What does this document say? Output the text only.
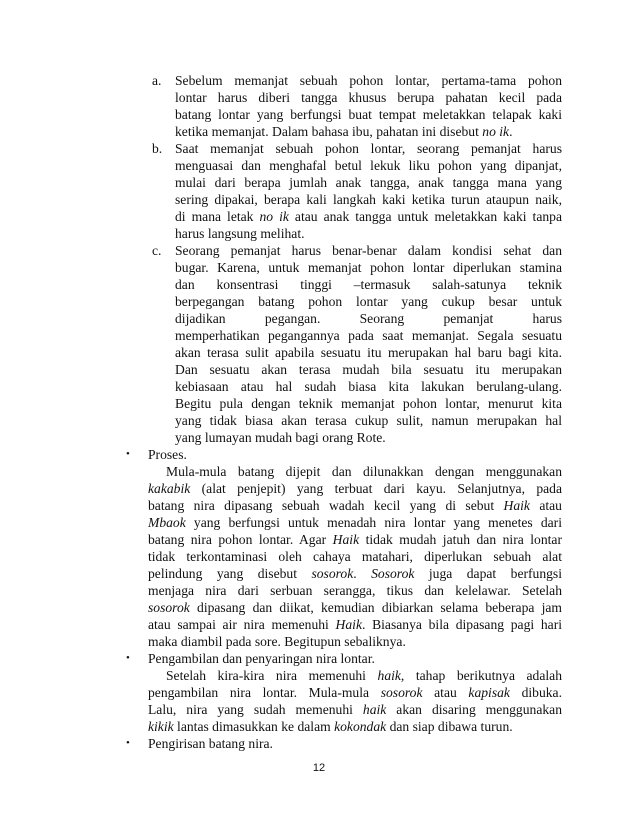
a. Sebelum memanjat sebuah pohon lontar, pertama-tama pohon
lontar harus diberi tangga khusus berupa pahatan kecil pada
batang lontar yang berfungsi buat tempat meletakkan telapak kaki
ketika memanjat. Dalam bahasa ibu, pahatan ini disebut no ik.
b. Saat memanjat sebuah pohon lontar, seorang pemanjat harus
menguasai dan menghafal betul lekuk liku pohon yang dipanjat,
mulai dari berapa jumlah anak tangga, anak tangga mana yang
sering dipakai, berapa kali langkah kaki ketika turun ataupun naik,
di mana letak no ik atau anak tangga untuk meletakkan kaki tanpa
harus langsung melihat.
c. Seorang pemanjat harus benar-benar dalam kondisi sehat dan
bugar. Karena, untuk memanjat pohon lontar diperlukan stamina
dan konsentrasi tinggi –termasuk salah-satunya teknik
berpegangan batang pohon lontar yang cukup besar untuk
dijadikan pegangan. Seorang pemanjat harus
memperhatikan pegangannya pada saat memanjat. Segala sesuatu
akan terasa sulit apabila sesuatu itu merupakan hal baru bagi kita.
Dan sesuatu akan terasa mudah bila sesuatu itu merupakan
kebiasaan atau hal sudah biasa kita lakukan berulang-ulang.
Begitu pula dengan teknik memanjat pohon lontar, menurut kita
yang tidak biasa akan terasa cukup sulit, namun merupakan hal
yang lumayan mudah bagi orang Rote.
• Proses.
Mula-mula batang dijepit dan dilunakkan dengan menggunakan
kakabik (alat penjepit) yang terbuat dari kayu. Selanjutnya, pada
batang nira dipasang sebuah wadah kecil yang di sebut Haik atau
Mbaok yang berfungsi untuk menadah nira lontar yang menetes dari
batang nira pohon lontar. Agar Haik tidak mudah jatuh dan nira lontar
tidak terkontaminasi oleh cahaya matahari, diperlukan sebuah alat
pelindung yang disebut sosorok. Sosorok juga dapat berfungsi
menjaga nira dari serbuan serangga, tikus dan kelelawar. Setelah
sosorok dipasang dan diikat, kemudian dibiarkan selama beberapa jam
atau sampai air nira memenuhi Haik. Biasanya bila dipasang pagi hari
maka diambil pada sore. Begitupun sebaliknya.
• Pengambilan dan penyaringan nira lontar.
Setelah kira-kira nira memenuhi haik, tahap berikutnya adalah
pengambilan nira lontar. Mula-mula sosorok atau kapisak dibuka.
Lalu, nira yang sudah memenuhi haik akan disaring menggunakan
kikik lantas dimasukkan ke dalam kokondak dan siap dibawa turun.
• Pengirisan batang nira.
12
